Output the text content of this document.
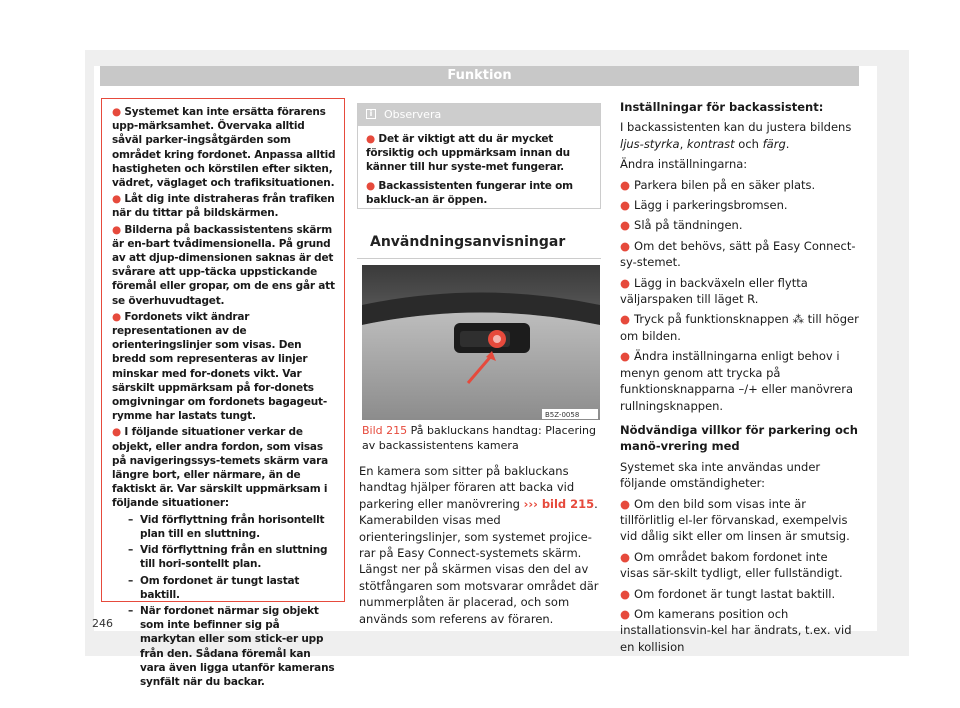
Funktion
● Systemet kan inte ersätta förarens upp-märksamhet. Övervaka alltid såväl parker-ingsåtgärden som området kring fordonet. Anpassa alltid hastigheten och körstilen efter sikten, vädret, väglaget och trafiksituationen.
● Låt dig inte distraheras från trafiken när du tittar på bildskärmen.
● Bilderna på backassistentens skärm är en-bart tvådimensionella. På grund av att djup-dimensionen saknas är det svårare att upp-täcka uppstickande föremål eller gropar, om de ens går att se överhuvudtaget.
● Fordonets vikt ändrar representationen av de orienteringslinjer som visas. Den bredd som representeras av linjer minskar med for-donets vikt. Var särskilt uppmärksam på for-donets omgivningar om fordonets bagageut-rymme har lastats tungt.
● I följande situationer verkar de objekt, eller andra fordon, som visas på navigeringssys-temets skärm vara längre bort, eller närmare, än de faktiskt är. Var särskilt uppmärksam i följande situationer:
– Vid förflyttning från horisontellt plan till en sluttning.
– Vid förflyttning från en sluttning till hori-sontellt plan.
– Om fordonet är tungt lastat baktill.
– När fordonet närmar sig objekt som inte befinner sig på markytan eller som stick-er upp från den. Sådana föremål kan vara även ligga utanför kamerans synfält när du backar.
i	Observera
● Det är viktigt att du är mycket försiktig och uppmärksam innan du känner till hur syste-met fungerar.
● Backassistenten fungerar inte om bakluck-an är öppen.
Användningsanvisningar
B5Z-0058
Bild 215 På bakluckans handtag: Placering av backassistentens kamera
En kamera som sitter på bakluckans handtag hjälper föraren att backa vid parkering eller manövrering ››› bild 215. Kamerabilden visas med orienteringslinjer, som systemet projice-rar på Easy Connect-systemets skärm. Längst ner på skärmen visas den del av stötfångaren som motsvarar området där nummerplåten är placerad, och som används som referens av föraren.

Inställningar för backassistent:

I backassistenten kan du justera bildens ljus-styrka, kontrast och färg.

Ändra inställningarna:

● Parkera bilen på en säker plats.
● Lägg i parkeringsbromsen.
● Slå på tändningen.
● Om det behövs, sätt på Easy Connect-sy-stemet.
● Lägg in backväxeln eller flytta väljarspaken till läget R.
● Tryck på funktionsknappen ⁂ till höger om bilden.
● Ändra inställningarna enligt behov i menyn genom att trycka på funktionsknapparna –/+ eller manövrera rullningsknappen.

Nödvändiga villkor för parkering och manö-vrering med

Systemet ska inte användas under följande omständigheter:

● Om den bild som visas inte är tillförlitlig el-ler förvanskad, exempelvis vid dålig sikt eller om linsen är smutsig.
● Om området bakom fordonet inte visas sär-skilt tydligt, eller fullständigt.
● Om fordonet är tungt lastat baktill.
● Om kamerans position och installationsvin-kel har ändrats, t.ex. vid en kollision
246
